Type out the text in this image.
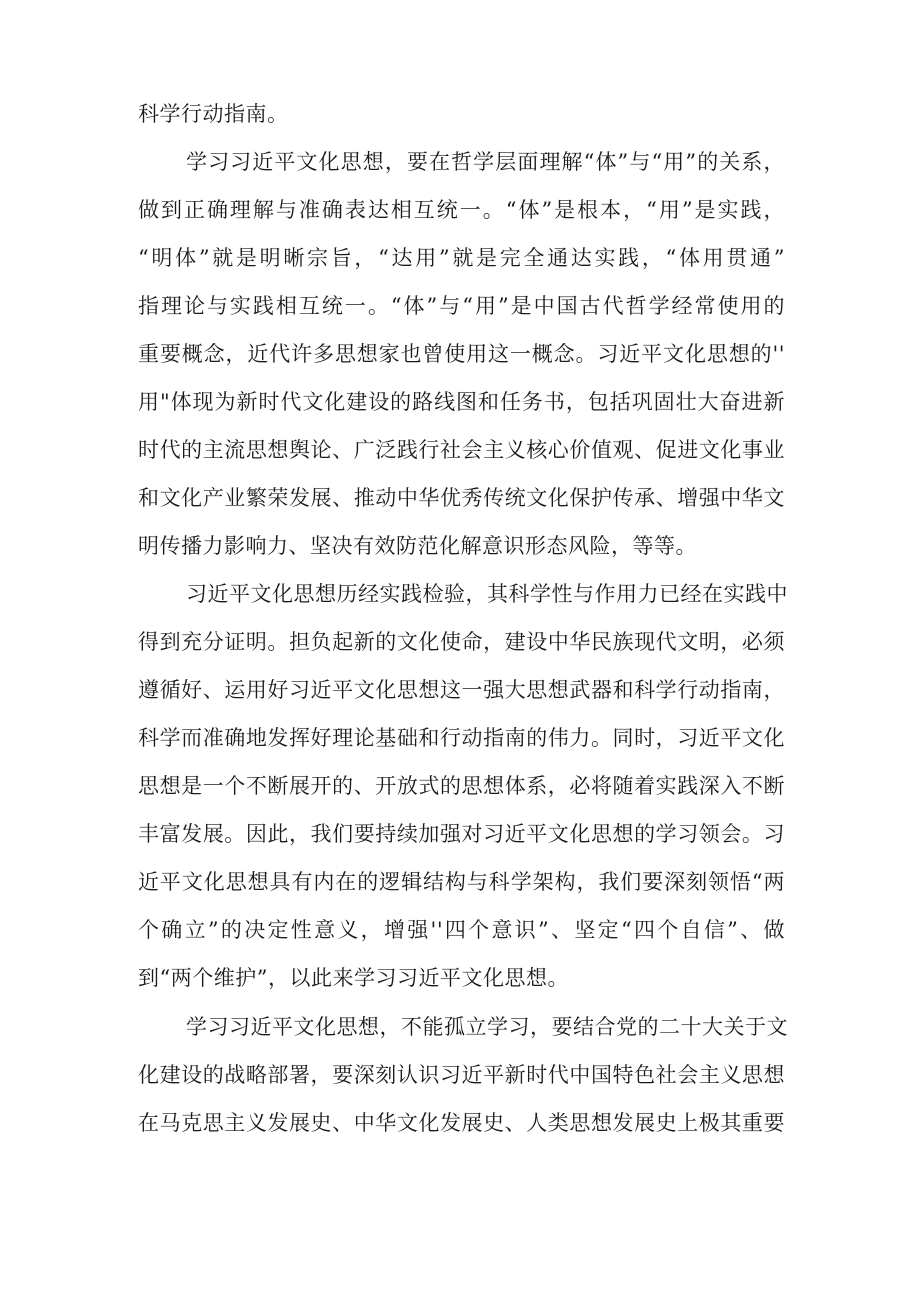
科学行动指南。
学习习近平文化思想，要在哲学层面理解“体”与“用”的关系，
做到正确理解与准确表达相互统一。“体”是根本，“用”是实践，
“明体”就是明晰宗旨，“达用”就是完全通达实践，“体用贯通”
指理论与实践相互统一。“体”与“用”是中国古代哲学经常使用的
重要概念，近代许多思想家也曾使用这一概念。习近平文化思想的''
用"体现为新时代文化建设的路线图和任务书，包括巩固壮大奋进新
时代的主流思想舆论、广泛践行社会主义核心价值观、促进文化事业
和文化产业繁荣发展、推动中华优秀传统文化保护传承、增强中华文
明传播力影响力、坚决有效防范化解意识形态风险，等等。
习近平文化思想历经实践检验，其科学性与作用力已经在实践中
得到充分证明。担负起新的文化使命，建设中华民族现代文明，必须
遵循好、运用好习近平文化思想这一强大思想武器和科学行动指南，
科学而准确地发挥好理论基础和行动指南的伟力。同时，习近平文化
思想是一个不断展开的、开放式的思想体系，必将随着实践深入不断
丰富发展。因此，我们要持续加强对习近平文化思想的学习领会。习
近平文化思想具有内在的逻辑结构与科学架构，我们要深刻领悟“两
个确立”的决定性意义，增强''四个意识”、坚定“四个自信”、做
到“两个维护”，以此来学习习近平文化思想。
学习习近平文化思想，不能孤立学习，要结合党的二十大关于文
化建设的战略部署，要深刻认识习近平新时代中国特色社会主义思想
在马克思主义发展史、中华文化发展史、人类思想发展史上极其重要
